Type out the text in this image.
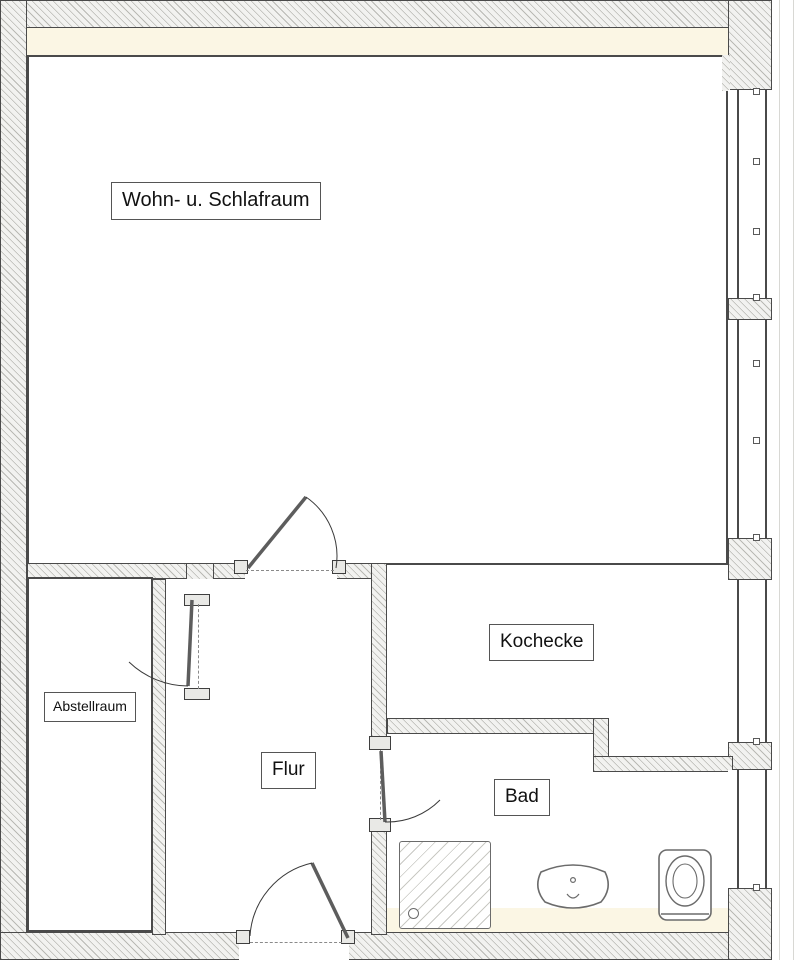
Wohn- u. Schlafraum
Kochecke
Abstellraum
Flur
Bad
